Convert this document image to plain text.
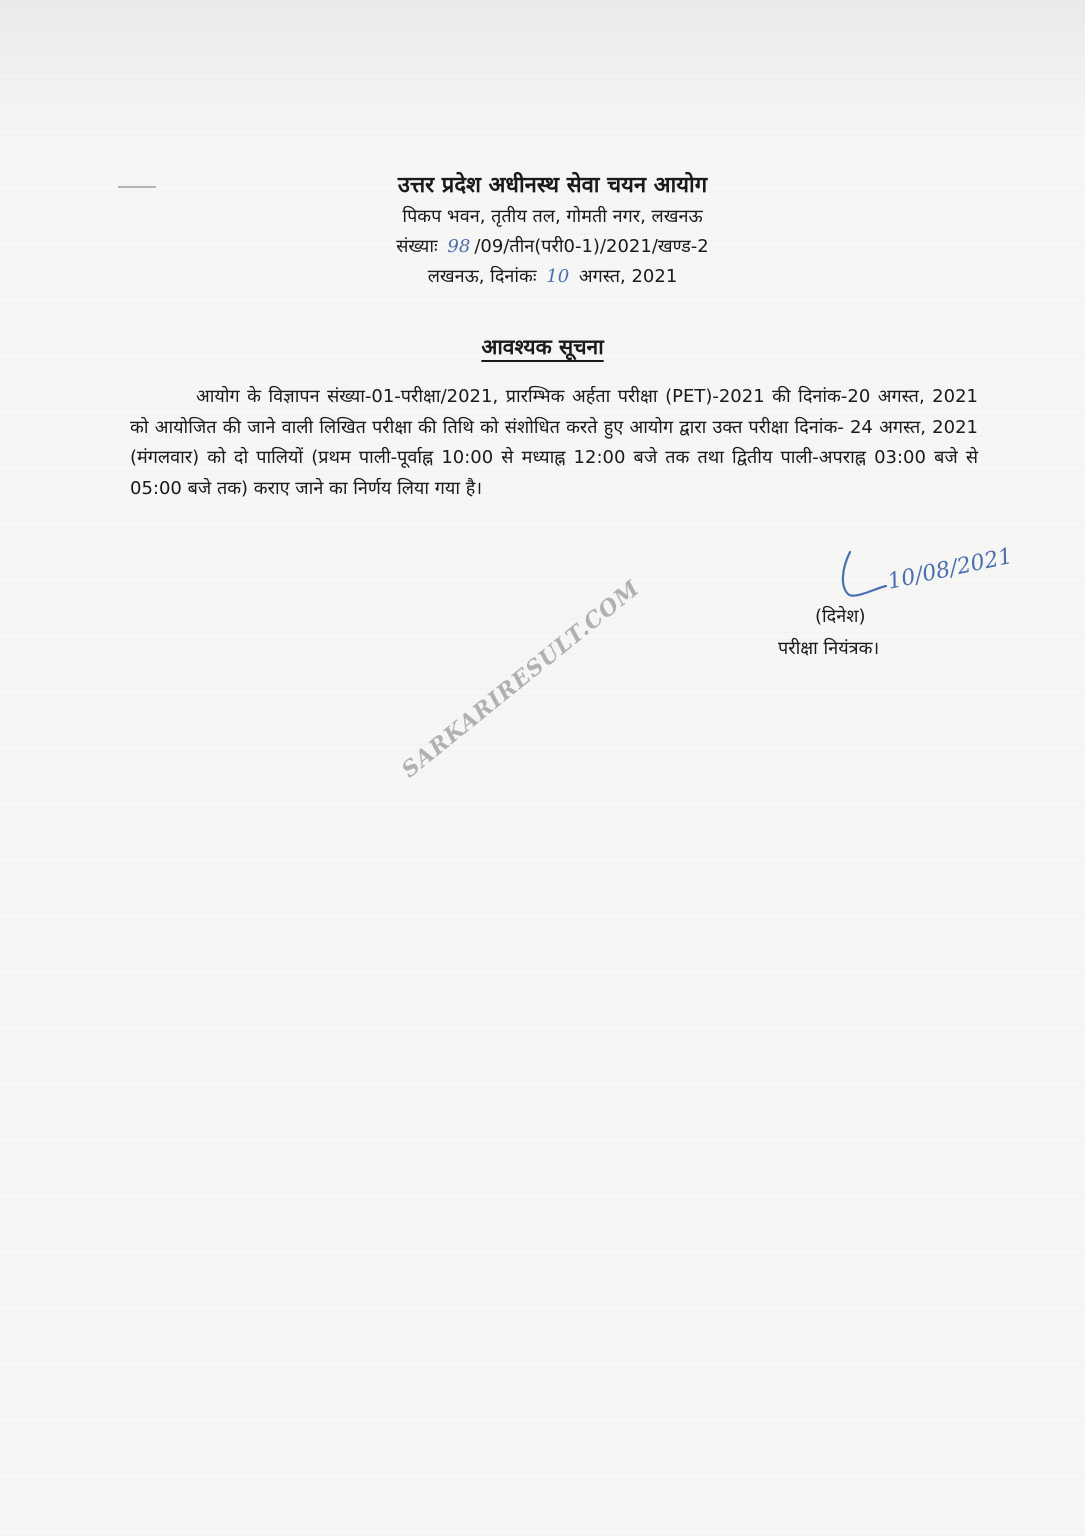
उत्तर प्रदेश अधीनस्थ सेवा चयन आयोग
पिकप भवन, तृतीय तल, गोमती नगर, लखनऊ
संख्याः 98 /09/तीन(परी0-1)/2021/खण्ड-2
लखनऊ, दिनांकः 10 अगस्त, 2021
आवश्यक सूचना
आयोग के विज्ञापन संख्या-01-परीक्षा/2021, प्रारम्भिक अर्हता परीक्षा (PET)-2021 की दिनांक-20 अगस्त, 2021 को आयोजित की जाने वाली लिखित परीक्षा की तिथि को संशोधित करते हुए आयोग द्वारा उक्त परीक्षा दिनांक- 24 अगस्त, 2021 (मंगलवार) को दो पालियों (प्रथम पाली-पूर्वाह्न 10:00 से मध्याह्न 12:00 बजे तक तथा द्वितीय पाली-अपराह्न 03:00 बजे से 05:00 बजे तक) कराए जाने का निर्णय लिया गया है।
10/08/2021
(दिनेश)
परीक्षा नियंत्रक।
SARKARIRESULT.COM
